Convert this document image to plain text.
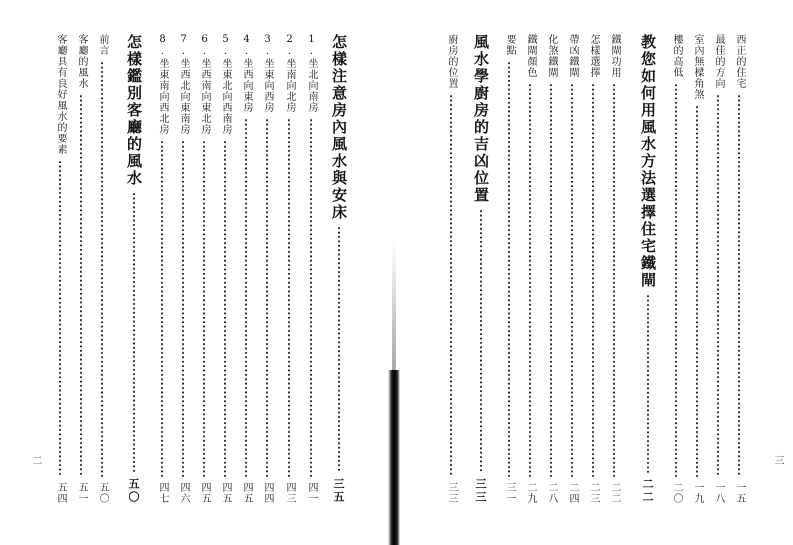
怎樣注意房內風水與安床
三五
1.坐北向南房
四一
2.坐南向北房
四三
3.坐東向西房
四四
4.坐西向東房
四五
5.坐東北向西南房
四五
6.坐西南向東北房
四五
7.坐西北向東南房
四六
8.坐東南向西北房
四七
怎樣鑑別客廳的風水
五〇
前言
五〇
客廳的風水
五一
客廳具有良好風水的要素
五四
二
西正的住宅
一五
最佳的方向
一八
室內無樑角煞
一九
樓的高低
二〇
教您如何用風水方法選擇住宅鐵閘
二二
鐵閘功用
二二
怎樣選擇
二三
帶凶鐵閘
二四
化煞鐵閘
二八
鐵閘顏色
二九
要點
三一
風水學廚房的吉凶位置
三三
廚房的位置
三三
三
